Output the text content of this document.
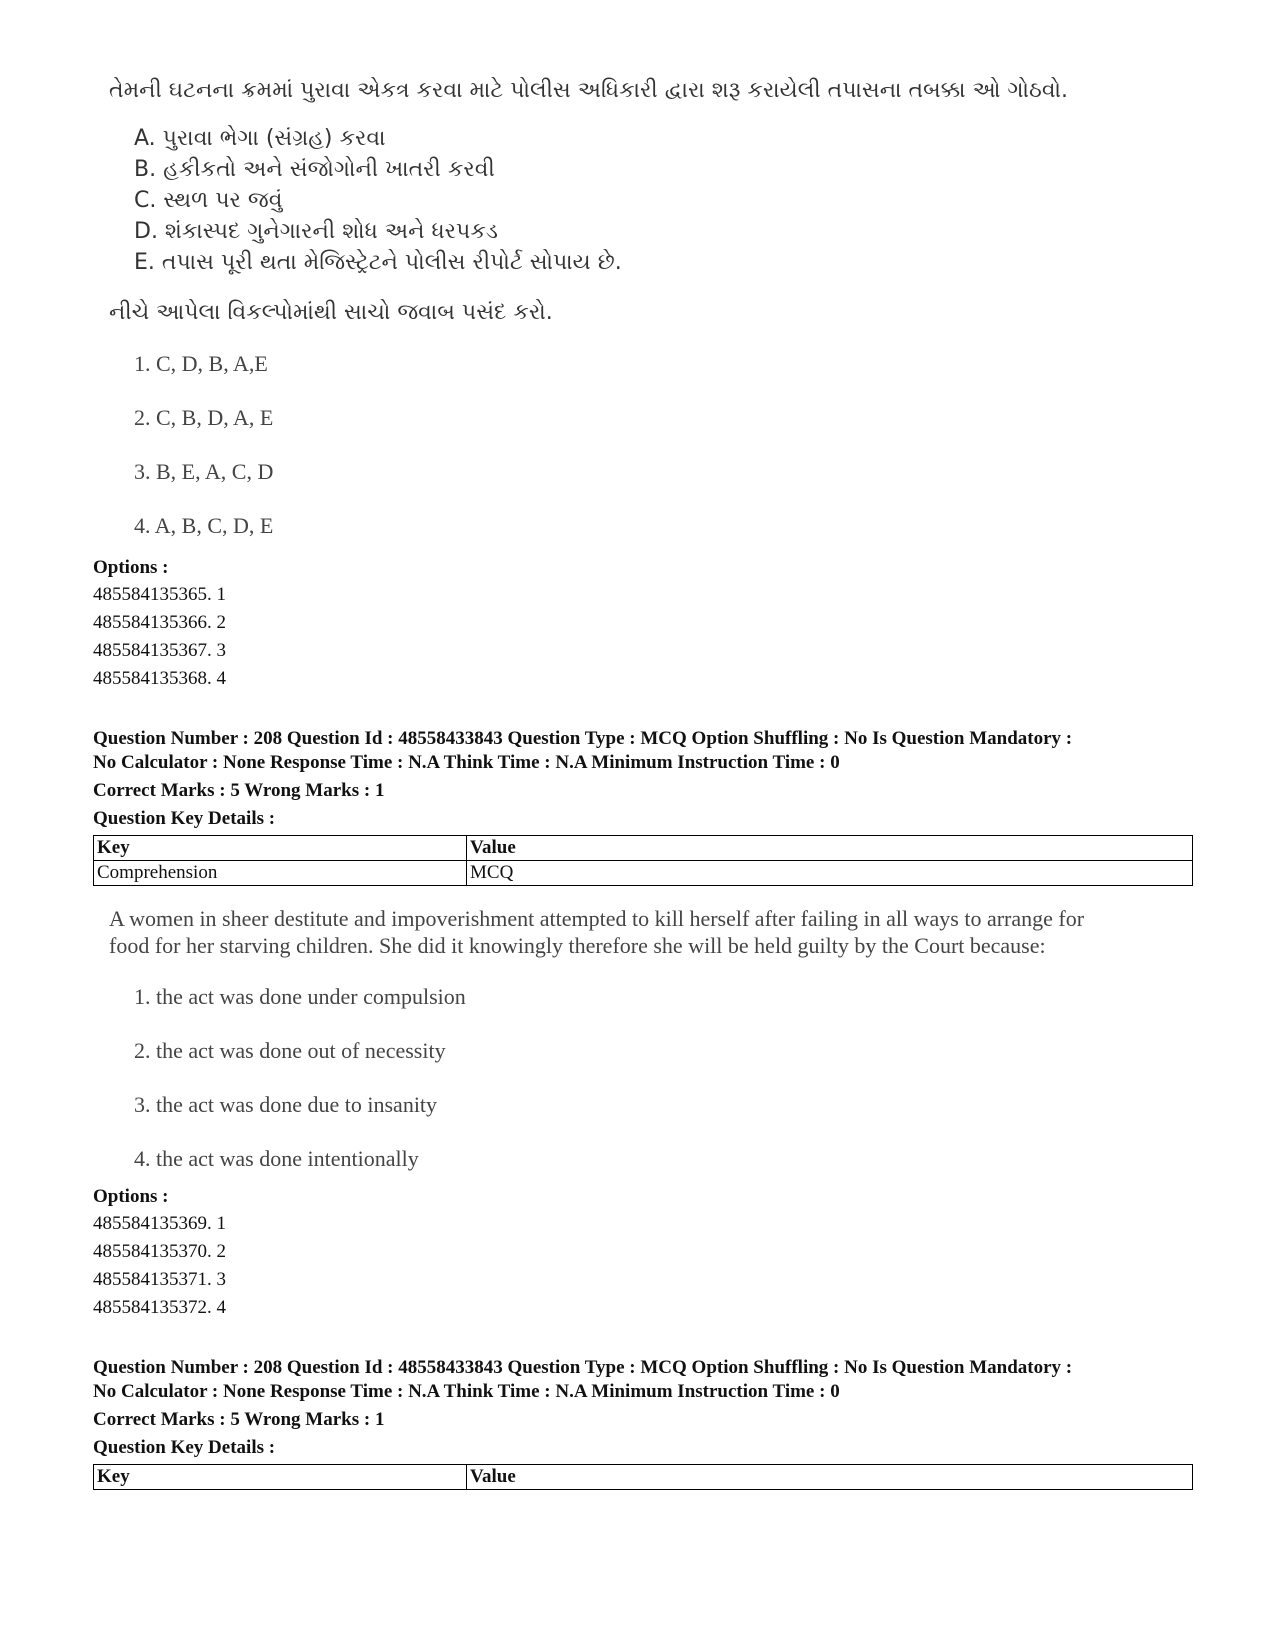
તેમની ઘટનના ક્રમમાં પુરાવા એકત્ર કરવા માટે પોલીસ અધિકારી દ્વારા શરૂ કરાયેલી તપાસના તબક્કા ઓ ગોઠવો.

A. પુરાવા ભેગા (સંગ્રહ) કરવા
B. હકીકતો અને સંજોગોની ખાતરી કરવી
C. સ્થળ પર જવું
D. શંકાસ્પદ ગુનેગારની શોધ અને ધરપકડ
E. તપાસ પૂરી થતા મેજિસ્ટ્રેટને પોલીસ રીપોર્ટ સોપાય છે.

નીચે આપેલા વિકલ્પોમાંથી સાચો જવાબ પસંદ કરો.

1. C, D, B, A,E
2. C, B, D, A, E
3. B, E, A, C, D
4. A, B, C, D, E

Options :

485584135365. 1

485584135366. 2

485584135367. 3

485584135368. 4

Question Number : 208 Question Id : 48558433843 Question Type : MCQ Option Shuffling : No Is Question Mandatory :

No Calculator : None Response Time : N.A Think Time : N.A Minimum Instruction Time : 0

Correct Marks : 5 Wrong Marks : 1

Question Key Details :

Key	Value
Comprehension	MCQ

A women in sheer destitute and impoverishment attempted to kill herself after failing in all ways to arrange for food for her starving children. She did it knowingly therefore she will be held guilty by the Court because:

1. the act was done under compulsion
2. the act was done out of necessity
3. the act was done due to insanity
4. the act was done intentionally

Options :

485584135369. 1

485584135370. 2

485584135371. 3

485584135372. 4

Question Number : 208 Question Id : 48558433843 Question Type : MCQ Option Shuffling : No Is Question Mandatory :

No Calculator : None Response Time : N.A Think Time : N.A Minimum Instruction Time : 0

Correct Marks : 5 Wrong Marks : 1

Question Key Details :

Key	Value
